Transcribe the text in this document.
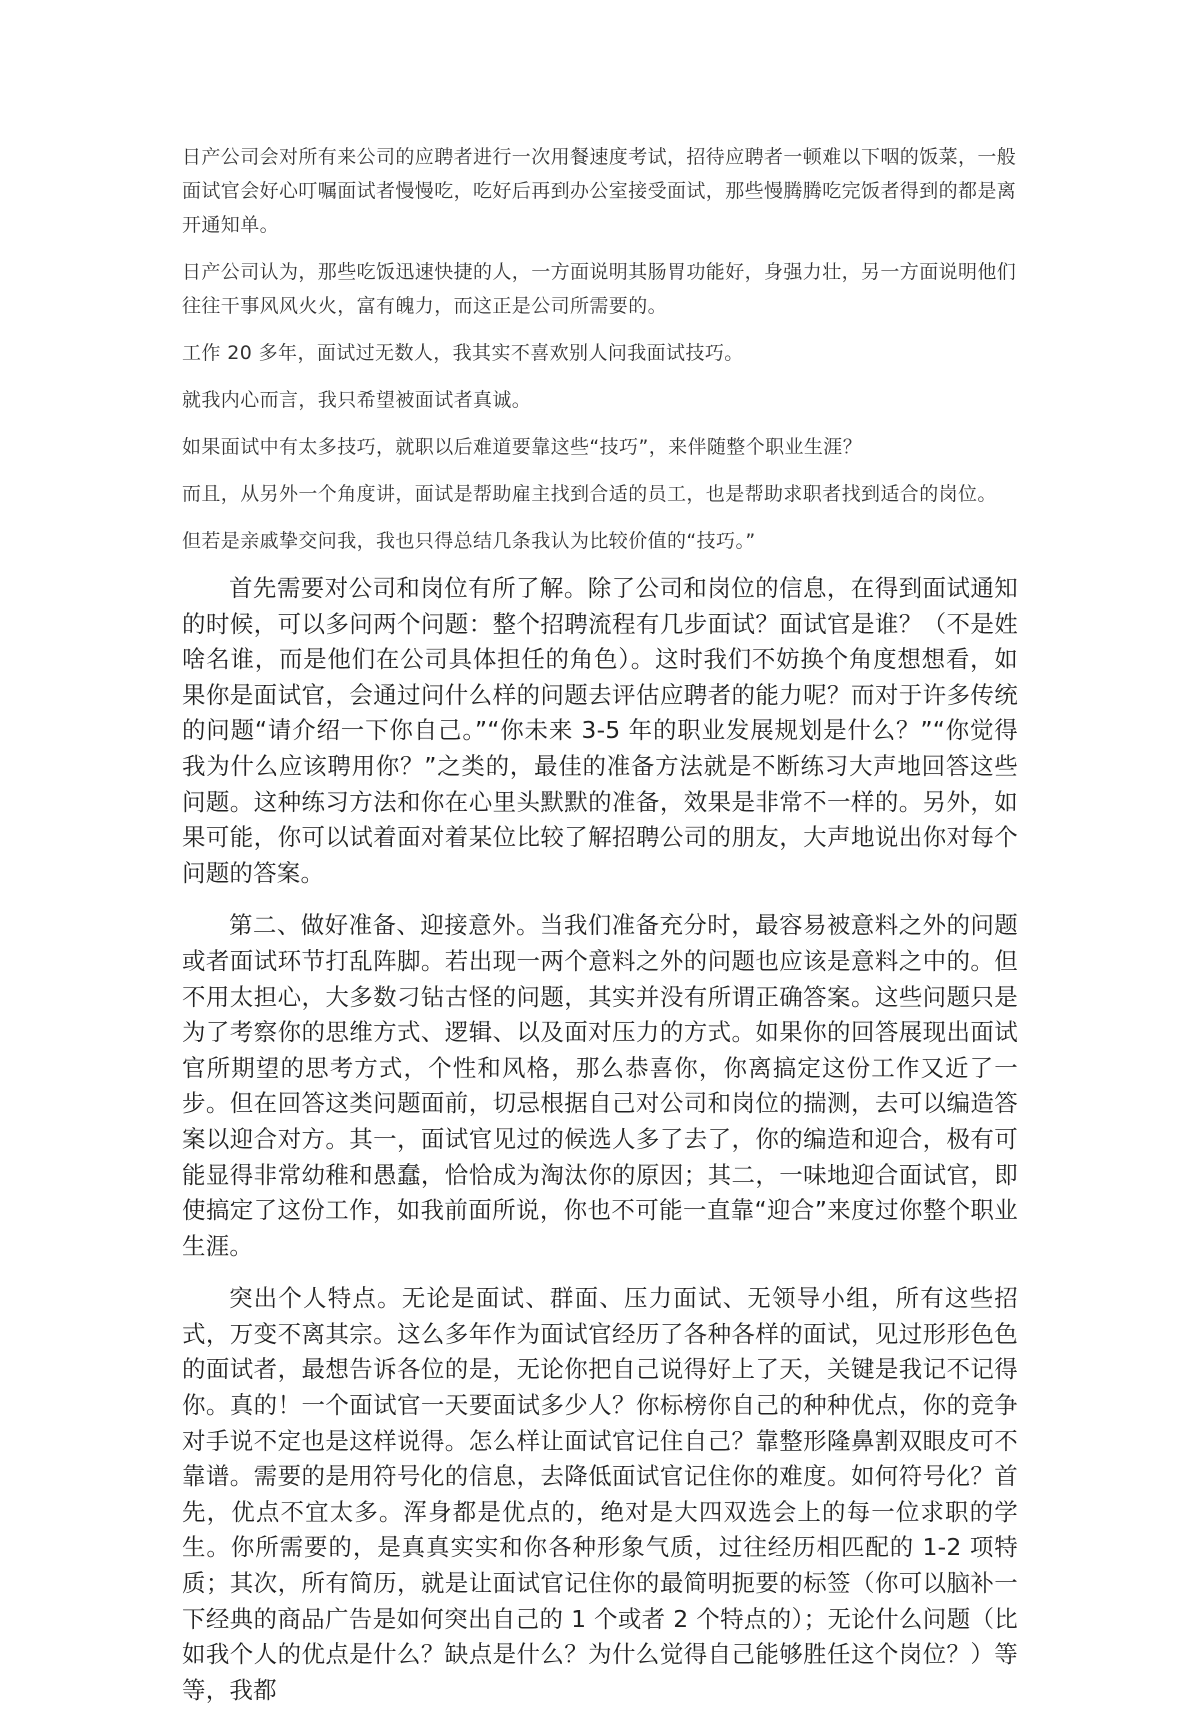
日产公司会对所有来公司的应聘者进行一次用餐速度考试，招待应聘者一顿难以下咽的饭菜，一般面试官会好心叮嘱面试者慢慢吃，吃好后再到办公室接受面试，那些慢腾腾吃完饭者得到的都是离开通知单。

日产公司认为，那些吃饭迅速快捷的人，一方面说明其肠胃功能好，身强力壮，另一方面说明他们往往干事风风火火，富有魄力，而这正是公司所需要的。

工作 20 多年，面试过无数人，我其实不喜欢别人问我面试技巧。

就我内心而言，我只希望被面试者真诚。

如果面试中有太多技巧，就职以后难道要靠这些“技巧”，来伴随整个职业生涯？

而且，从另外一个角度讲，面试是帮助雇主找到合适的员工，也是帮助求职者找到适合的岗位。

但若是亲戚挚交问我，我也只得总结几条我认为比较价值的“技巧。”

首先需要对公司和岗位有所了解。除了公司和岗位的信息，在得到面试通知的时候，可以多问两个问题：整个招聘流程有几步面试？面试官是谁？（不是姓啥名谁，而是他们在公司具体担任的角色）。这时我们不妨换个角度想想看，如果你是面试官，会通过问什么样的问题去评估应聘者的能力呢？而对于许多传统的问题“请介绍一下你自己。”“你未来 3-5 年的职业发展规划是什么？”“你觉得我为什么应该聘用你？”之类的，最佳的准备方法就是不断练习大声地回答这些问题。这种练习方法和你在心里头默默的准备，效果是非常不一样的。另外，如果可能，你可以试着面对着某位比较了解招聘公司的朋友，大声地说出你对每个问题的答案。

第二、做好准备、迎接意外。当我们准备充分时，最容易被意料之外的问题或者面试环节打乱阵脚。若出现一两个意料之外的问题也应该是意料之中的。但不用太担心，大多数刁钻古怪的问题，其实并没有所谓正确答案。这些问题只是为了考察你的思维方式、逻辑、以及面对压力的方式。如果你的回答展现出面试官所期望的思考方式，个性和风格，那么恭喜你，你离搞定这份工作又近了一步。但在回答这类问题面前，切忌根据自己对公司和岗位的揣测，去可以编造答案以迎合对方。其一，面试官见过的候选人多了去了，你的编造和迎合，极有可能显得非常幼稚和愚蠢，恰恰成为淘汰你的原因；其二，一味地迎合面试官，即使搞定了这份工作，如我前面所说，你也不可能一直靠“迎合”来度过你整个职业生涯。

突出个人特点。无论是面试、群面、压力面试、无领导小组，所有这些招式，万变不离其宗。这么多年作为面试官经历了各种各样的面试，见过形形色色的面试者，最想告诉各位的是，无论你把自己说得好上了天，关键是我记不记得你。真的！一个面试官一天要面试多少人？你标榜你自己的种种优点，你的竞争对手说不定也是这样说得。怎么样让面试官记住自己？靠整形隆鼻割双眼皮可不靠谱。需要的是用符号化的信息，去降低面试官记住你的难度。如何符号化？首先，优点不宜太多。浑身都是优点的，绝对是大四双选会上的每一位求职的学生。你所需要的，是真真实实和你各种形象气质，过往经历相匹配的 1-2 项特质；其次，所有简历，就是让面试官记住你的最简明扼要的标签（你可以脑补一下经典的商品广告是如何突出自己的 1 个或者 2 个特点的）；无论什么问题（比如我个人的优点是什么？缺点是什么？为什么觉得自己能够胜任这个岗位？）等等，我都
